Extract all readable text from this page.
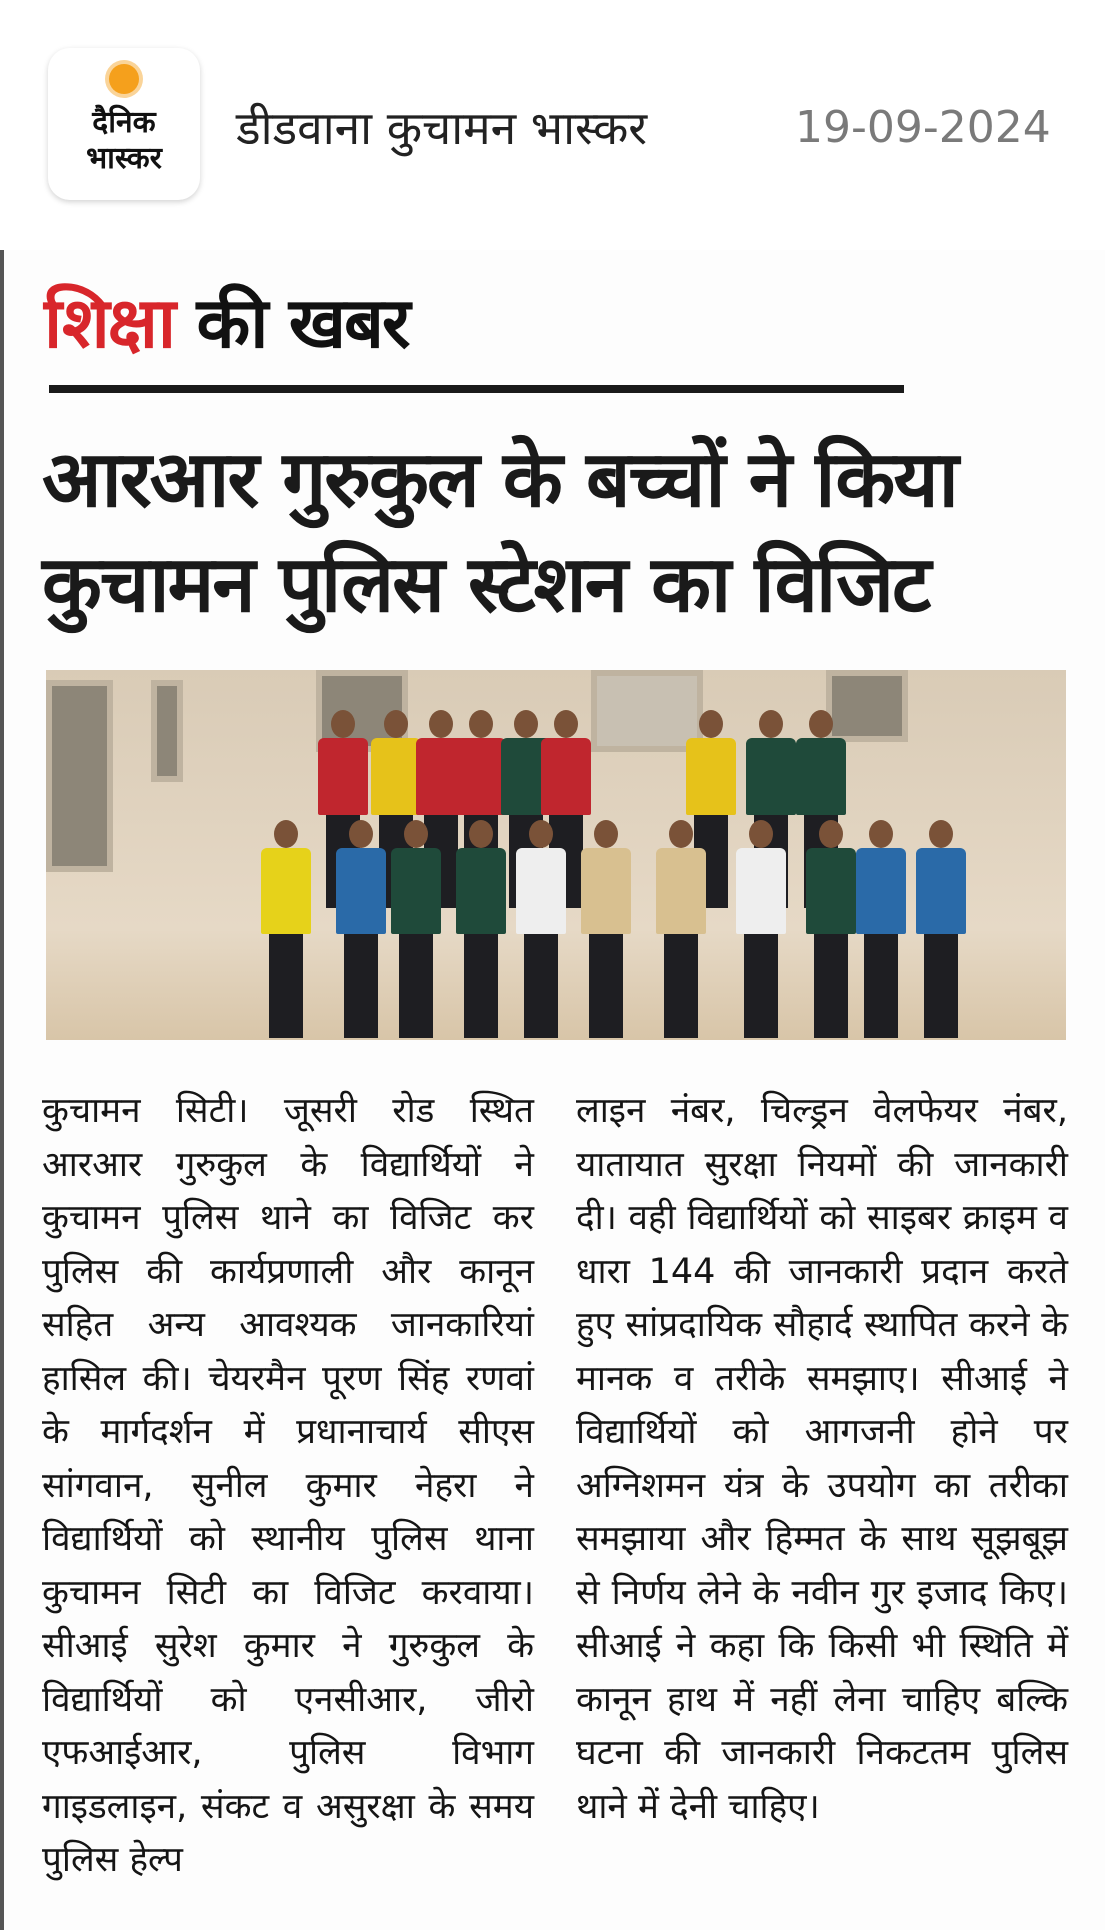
दैनिक
भास्कर
डीडवाना कुचामन भास्कर	19-09-2024
शिक्षा की खबर
आरआर गुरुकुल के बच्चों ने किया
कुचामन पुलिस स्टेशन का विजिट

कुचामन सिटी। जूसरी रोड स्थित आरआर गुरुकुल के विद्यार्थियों ने कुचामन पुलिस थाने का विजिट कर पुलिस की कार्यप्रणाली और कानून सहित अन्य आवश्यक जानकारियां हासिल की। चेयरमैन पूरण सिंह रणवां के मार्गदर्शन में प्रधानाचार्य सीएस सांगवान, सुनील कुमार नेहरा ने विद्यार्थियों को स्थानीय पुलिस थाना कुचामन सिटी का विजिट करवाया। सीआई सुरेश कुमार ने गुरुकुल के विद्यार्थियों को एनसीआर, जीरो एफआईआर, पुलिस विभाग गाइडलाइन, संकट व असुरक्षा के समय पुलिस हेल्प

लाइन नंबर, चिल्ड्रन वेलफेयर नंबर, यातायात सुरक्षा नियमों की जानकारी दी। वही विद्यार्थियों को साइबर क्राइम व धारा 144 की जानकारी प्रदान करते हुए सांप्रदायिक सौहार्द स्थापित करने के मानक व तरीके समझाए। सीआई ने विद्यार्थियों को आगजनी होने पर अग्निशमन यंत्र के उपयोग का तरीका समझाया और हिम्मत के साथ सूझबूझ से निर्णय लेने के नवीन गुर इजाद किए। सीआई ने कहा कि किसी भी स्थिति में कानून हाथ में नहीं लेना चाहिए बल्कि घटना की जानकारी निकटतम पुलिस थाने में देनी चाहिए।
